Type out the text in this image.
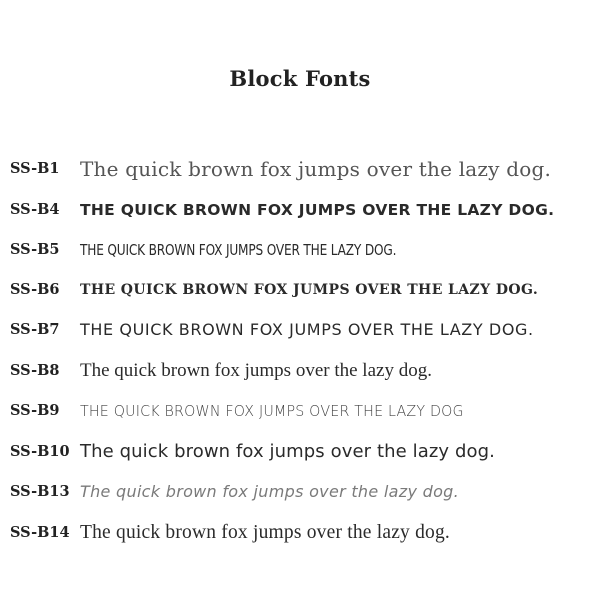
Block Fonts
SS-B1 The quick brown fox jumps over the lazy dog.
SS-B4 THE QUICK BROWN FOX JUMPS OVER THE LAZY DOG.
SS-B5 THE QUICK BROWN FOX JUMPS OVER THE LAZY DOG.
SS-B6 THE QUICK BROWN FOX JUMPS OVER THE LAZY DOG.
SS-B7 THE QUICK BROWN FOX JUMPS OVER THE LAZY DOG.
SS-B8 The quick brown fox jumps over the lazy dog.
SS-B9 THE QUICK BROWN FOX JUMPS OVER THE LAZY DOG
SS-B10 The quick brown fox jumps over the lazy dog.
SS-B13 The quick brown fox jumps over the lazy dog.
SS-B14 The quick brown fox jumps over the lazy dog.
